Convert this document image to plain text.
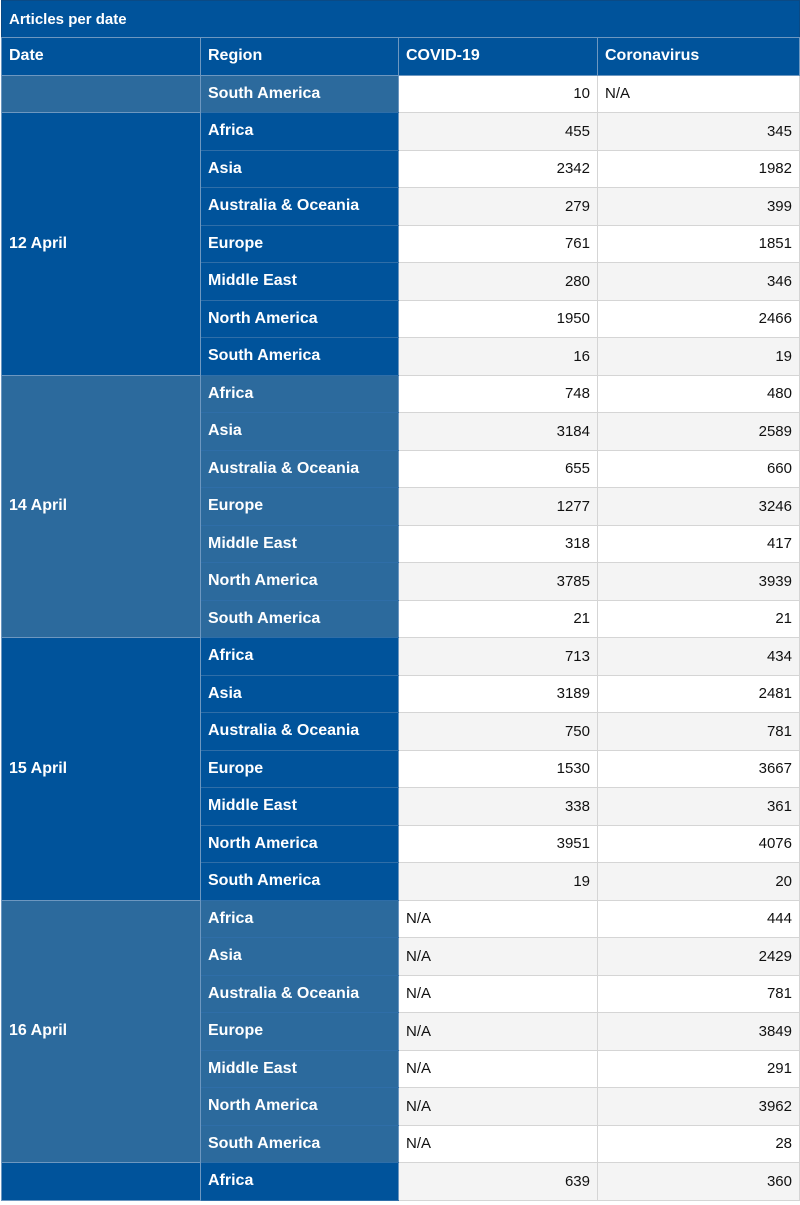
Articles per date
Date	Region	COVID-19	Coronavirus
	South America	10	N/A
12 April	Africa	455	345
	Asia	2342	1982
	Australia & Oceania	279	399
	Europe	761	1851
	Middle East	280	346
	North America	1950	2466
	South America	16	19
14 April	Africa	748	480
	Asia	3184	2589
	Australia & Oceania	655	660
	Europe	1277	3246
	Middle East	318	417
	North America	3785	3939
	South America	21	21
15 April	Africa	713	434
	Asia	3189	2481
	Australia & Oceania	750	781
	Europe	1530	3667
	Middle East	338	361
	North America	3951	4076
	South America	19	20
16 April	Africa	N/A	444
	Asia	N/A	2429
	Australia & Oceania	N/A	781
	Europe	N/A	3849
	Middle East	N/A	291
	North America	N/A	3962
	South America	N/A	28
	Africa	639	360
